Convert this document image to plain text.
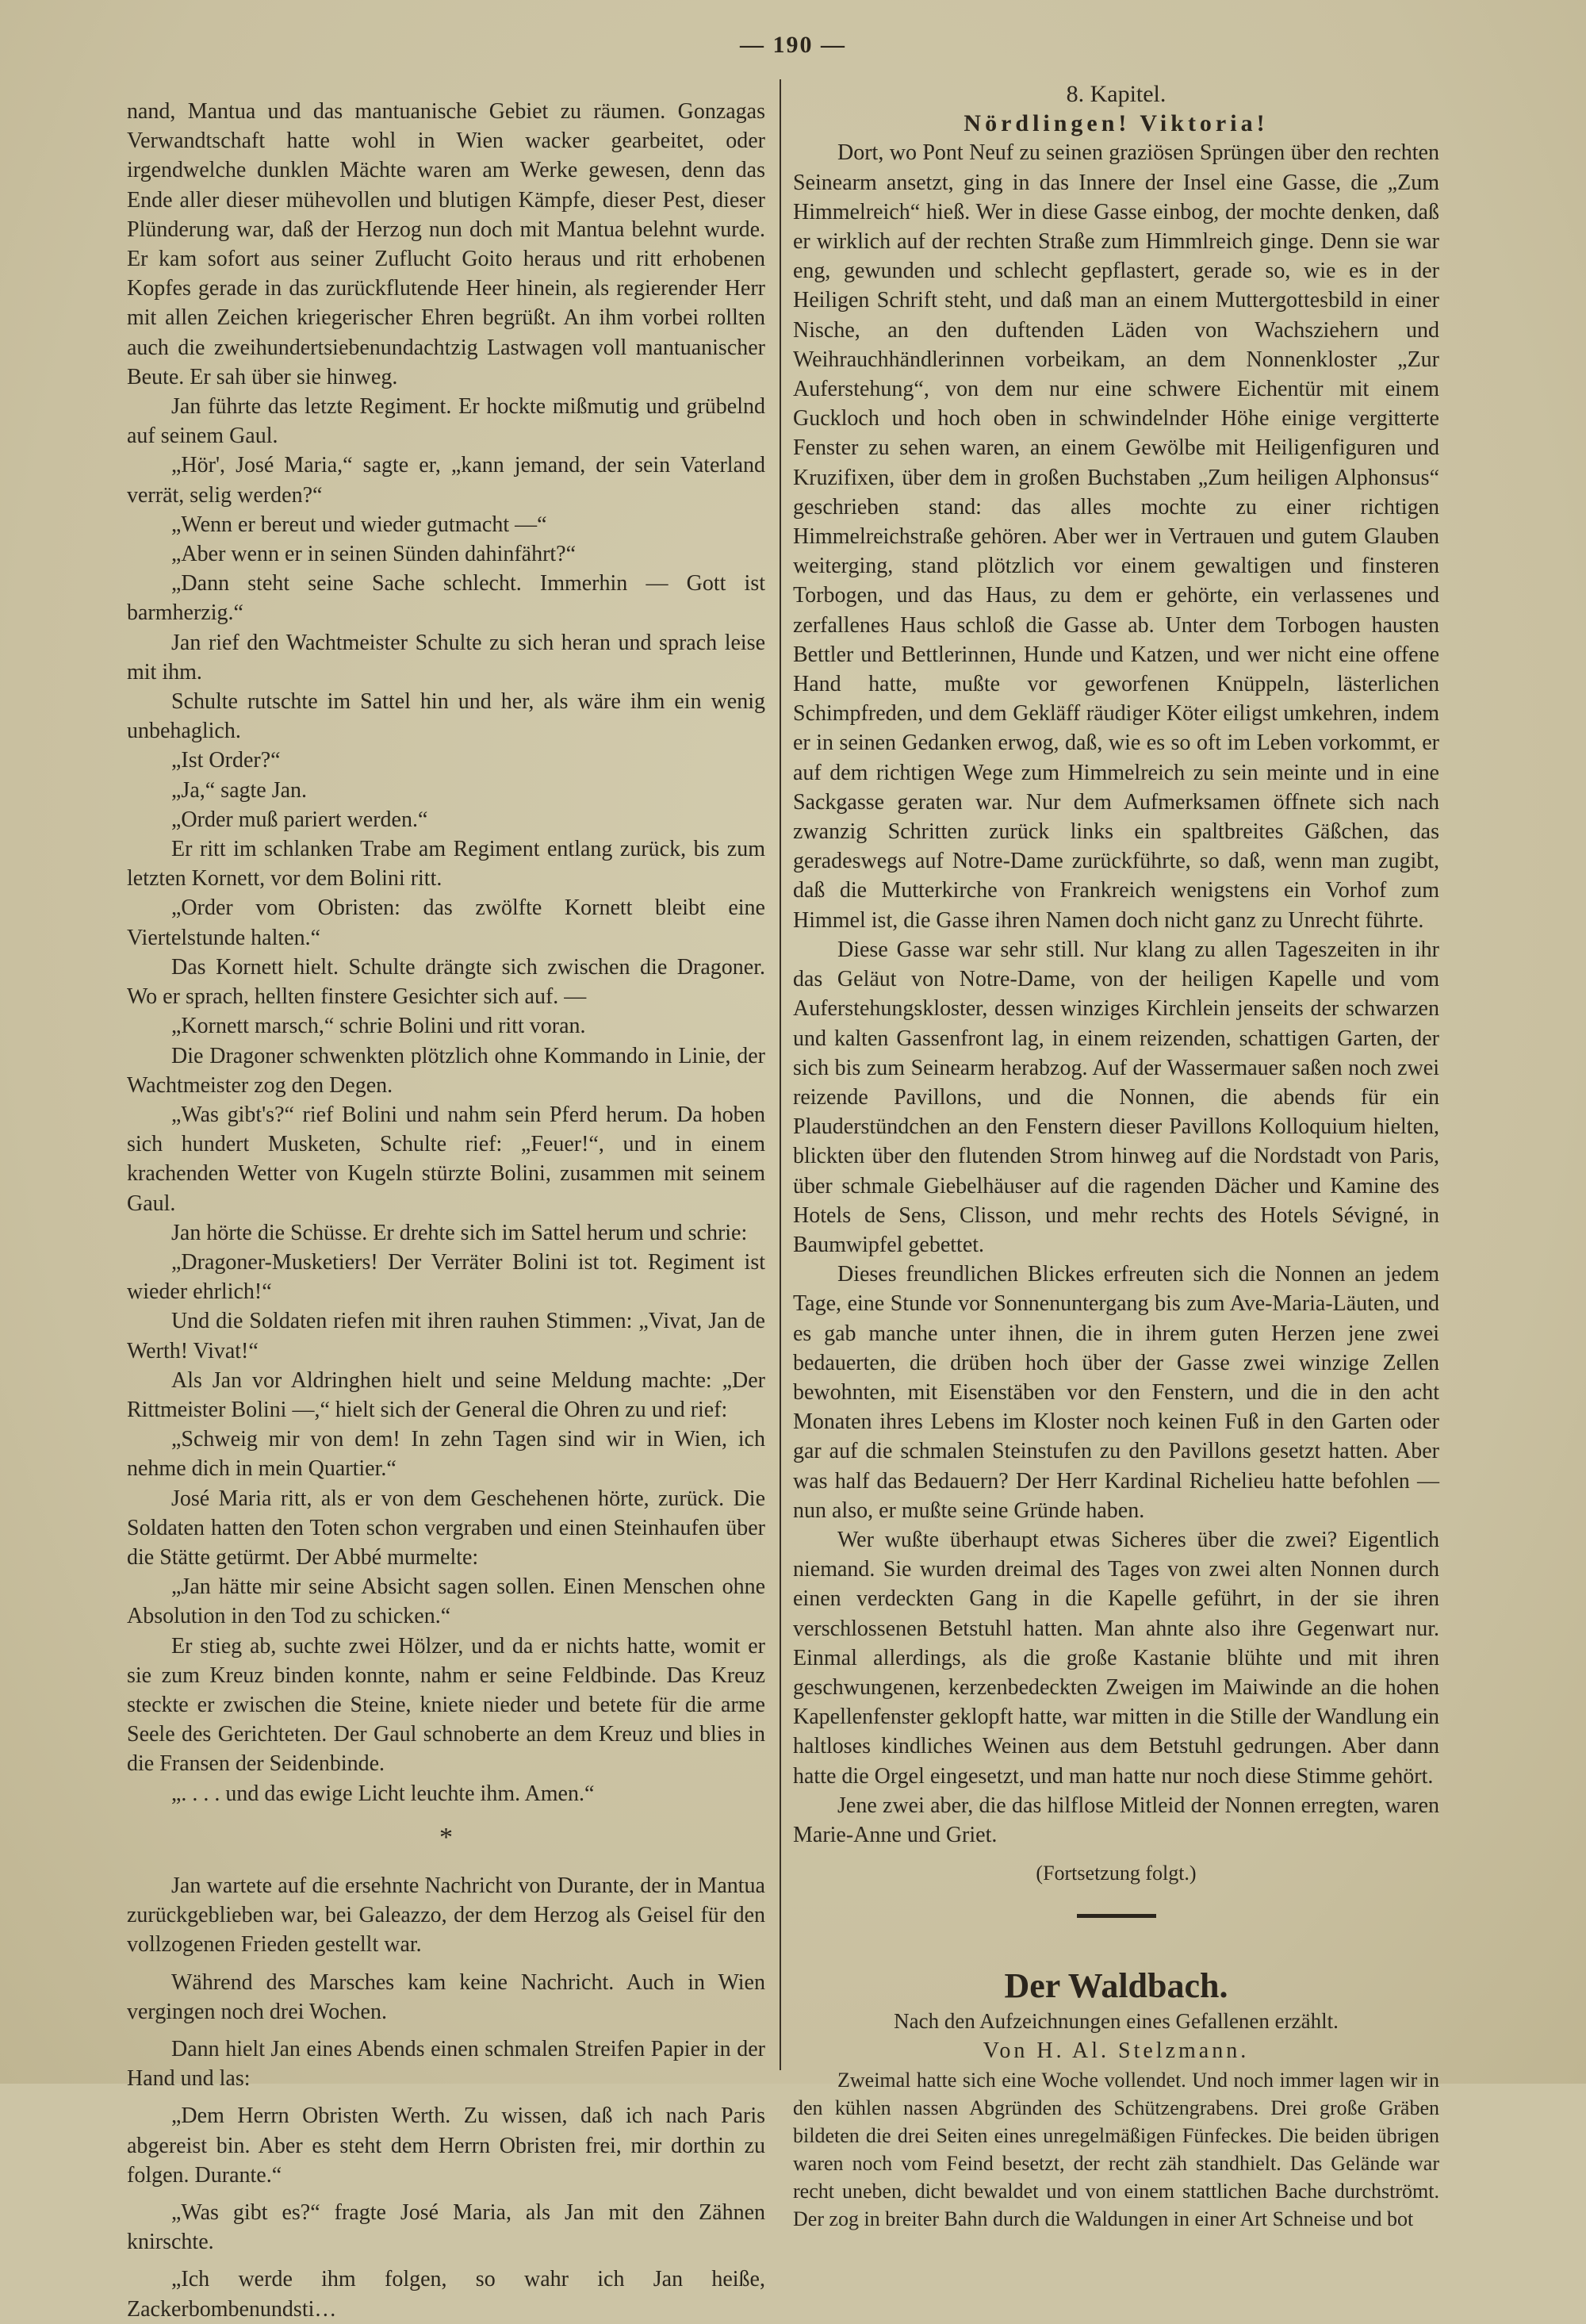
— 190 —

nand, Mantua und das mantuanische Gebiet zu räumen. Gonzagas Verwandtschaft hatte wohl in Wien wacker gearbeitet, oder irgendwelche dunklen Mächte waren am Werke gewesen, denn das Ende aller dieser mühevollen und blutigen Kämpfe, dieser Pest, dieser Plünderung war, daß der Herzog nun doch mit Mantua belehnt wurde. Er kam sofort aus seiner Zuflucht Goito heraus und ritt erhobenen Kopfes gerade in das zurückflutende Heer hinein, als regierender Herr mit allen Zeichen kriegerischer Ehren begrüßt. An ihm vorbei rollten auch die zweihundertsiebenundachtzig Lastwagen voll mantuanischer Beute. Er sah über sie hinweg.

Jan führte das letzte Regiment. Er hockte mißmutig und grübelnd auf seinem Gaul.

„Hör', José Maria,“ sagte er, „kann jemand, der sein Vaterland verrät, selig werden?“

„Wenn er bereut und wieder gutmacht —“

„Aber wenn er in seinen Sünden dahinfährt?“

„Dann steht seine Sache schlecht. Immerhin — Gott ist barmherzig.“

Jan rief den Wachtmeister Schulte zu sich heran und sprach leise mit ihm.

Schulte rutschte im Sattel hin und her, als wäre ihm ein wenig unbehaglich.

„Ist Order?“

„Ja,“ sagte Jan.

„Order muß pariert werden.“

Er ritt im schlanken Trabe am Regiment entlang zurück, bis zum letzten Kornett, vor dem Bolini ritt.

„Order vom Obristen: das zwölfte Kornett bleibt eine Viertelstunde halten.“

Das Kornett hielt. Schulte drängte sich zwischen die Dragoner. Wo er sprach, hellten finstere Gesichter sich auf. —

„Kornett marsch,“ schrie Bolini und ritt voran.

Die Dragoner schwenkten plötzlich ohne Kommando in Linie, der Wachtmeister zog den Degen.

„Was gibt's?“ rief Bolini und nahm sein Pferd herum. Da hoben sich hundert Musketen, Schulte rief: „Feuer!“, und in einem krachenden Wetter von Kugeln stürzte Bolini, zusammen mit seinem Gaul.

Jan hörte die Schüsse. Er drehte sich im Sattel herum und schrie:

„Dragoner-Musketiers! Der Verräter Bolini ist tot. Regiment ist wieder ehrlich!“

Und die Soldaten riefen mit ihren rauhen Stimmen: „Vivat, Jan de Werth! Vivat!“

Als Jan vor Aldringhen hielt und seine Meldung machte: „Der Rittmeister Bolini —,“ hielt sich der General die Ohren zu und rief:

„Schweig mir von dem! In zehn Tagen sind wir in Wien, ich nehme dich in mein Quartier.“

José Maria ritt, als er von dem Geschehenen hörte, zurück. Die Soldaten hatten den Toten schon vergraben und einen Steinhaufen über die Stätte getürmt. Der Abbé murmelte:

„Jan hätte mir seine Absicht sagen sollen. Einen Menschen ohne Absolution in den Tod zu schicken.“

Er stieg ab, suchte zwei Hölzer, und da er nichts hatte, womit er sie zum Kreuz binden konnte, nahm er seine Feldbinde. Das Kreuz steckte er zwischen die Steine, kniete nieder und betete für die arme Seele des Gerichteten. Der Gaul schnoberte an dem Kreuz und blies in die Fransen der Seidenbinde.

„. . . . und das ewige Licht leuchte ihm. Amen.“

*

Jan wartete auf die ersehnte Nachricht von Durante, der in Mantua zurückgeblieben war, bei Galeazzo, der dem Herzog als Geisel für den vollzogenen Frieden gestellt war.

Während des Marsches kam keine Nachricht. Auch in Wien vergingen noch drei Wochen.

Dann hielt Jan eines Abends einen schmalen Streifen Papier in der Hand und las:

„Dem Herrn Obristen Werth. Zu wissen, daß ich nach Paris abgereist bin. Aber es steht dem Herrn Obristen frei, mir dorthin zu folgen. Durante.“

„Was gibt es?“ fragte José Maria, als Jan mit den Zähnen knirschte.

„Ich werde ihm folgen, so wahr ich Jan heiße, Zackerbombenundsti…

8. Kapitel.
Nördlingen! Viktoria!

Dort, wo Pont Neuf zu seinen graziösen Sprüngen über den rechten Seinearm ansetzt, ging in das Innere der Insel eine Gasse, die „Zum Himmelreich“ hieß. Wer in diese Gasse einbog, der mochte denken, daß er wirklich auf der rechten Straße zum Himmlreich ginge. Denn sie war eng, gewunden und schlecht gepflastert, gerade so, wie es in der Heiligen Schrift steht, und daß man an einem Muttergottesbild in einer Nische, an den duftenden Läden von Wachsziehern und Weihrauchhändlerinnen vorbeikam, an dem Nonnenkloster „Zur Auferstehung“, von dem nur eine schwere Eichentür mit einem Guckloch und hoch oben in schwindelnder Höhe einige vergitterte Fenster zu sehen waren, an einem Gewölbe mit Heiligenfiguren und Kruzifixen, über dem in großen Buchstaben „Zum heiligen Alphonsus“ geschrieben stand: das alles mochte zu einer richtigen Himmelreichstraße gehören. Aber wer in Vertrauen und gutem Glauben weiterging, stand plötzlich vor einem gewaltigen und finsteren Torbogen, und das Haus, zu dem er gehörte, ein verlassenes und zerfallenes Haus schloß die Gasse ab. Unter dem Torbogen hausten Bettler und Bettlerinnen, Hunde und Katzen, und wer nicht eine offene Hand hatte, mußte vor geworfenen Knüppeln, lästerlichen Schimpfreden, und dem Gekläff räudiger Köter eiligst umkehren, indem er in seinen Gedanken erwog, daß, wie es so oft im Leben vorkommt, er auf dem richtigen Wege zum Himmelreich zu sein meinte und in eine Sackgasse geraten war. Nur dem Aufmerksamen öffnete sich nach zwanzig Schritten zurück links ein spaltbreites Gäßchen, das geradeswegs auf Notre-Dame zurückführte, so daß, wenn man zugibt, daß die Mutterkirche von Frankreich wenigstens ein Vorhof zum Himmel ist, die Gasse ihren Namen doch nicht ganz zu Unrecht führte.

Diese Gasse war sehr still. Nur klang zu allen Tageszeiten in ihr das Geläut von Notre-Dame, von der heiligen Kapelle und vom Auferstehungskloster, dessen winziges Kirchlein jenseits der schwarzen und kalten Gassenfront lag, in einem reizenden, schattigen Garten, der sich bis zum Seinearm herabzog. Auf der Wassermauer saßen noch zwei reizende Pavillons, und die Nonnen, die abends für ein Plauderstündchen an den Fenstern dieser Pavillons Kolloquium hielten, blickten über den flutenden Strom hinweg auf die Nordstadt von Paris, über schmale Giebelhäuser auf die ragenden Dächer und Kamine des Hotels de Sens, Clisson, und mehr rechts des Hotels Sévigné, in Baumwipfel gebettet.

Dieses freundlichen Blickes erfreuten sich die Nonnen an jedem Tage, eine Stunde vor Sonnenuntergang bis zum Ave-Maria-Läuten, und es gab manche unter ihnen, die in ihrem guten Herzen jene zwei bedauerten, die drüben hoch über der Gasse zwei winzige Zellen bewohnten, mit Eisenstäben vor den Fenstern, und die in den acht Monaten ihres Lebens im Kloster noch keinen Fuß in den Garten oder gar auf die schmalen Steinstufen zu den Pavillons gesetzt hatten. Aber was half das Bedauern? Der Herr Kardinal Richelieu hatte befohlen — nun also, er mußte seine Gründe haben.

Wer wußte überhaupt etwas Sicheres über die zwei? Eigentlich niemand. Sie wurden dreimal des Tages von zwei alten Nonnen durch einen verdeckten Gang in die Kapelle geführt, in der sie ihren verschlossenen Betstuhl hatten. Man ahnte also ihre Gegenwart nur. Einmal allerdings, als die große Kastanie blühte und mit ihren geschwungenen, kerzenbedeckten Zweigen im Maiwinde an die hohen Kapellenfenster geklopft hatte, war mitten in die Stille der Wandlung ein haltloses kindliches Weinen aus dem Betstuhl gedrungen. Aber dann hatte die Orgel eingesetzt, und man hatte nur noch diese Stimme gehört.

Jene zwei aber, die das hilflose Mitleid der Nonnen erregten, waren Marie-Anne und Griet.

(Fortsetzung folgt.)
Der Waldbach.
Nach den Aufzeichnungen eines Gefallenen erzählt.
Von H. Al. Stelzmann.

Zweimal hatte sich eine Woche vollendet. Und noch immer lagen wir in den kühlen nassen Abgründen des Schützengrabens. Drei große Gräben bildeten die drei Seiten eines unregelmäßigen Fünfeckes. Die beiden übrigen waren noch vom Feind besetzt, der recht zäh standhielt. Das Gelände war recht uneben, dicht bewaldet und von einem stattlichen Bache durchströmt. Der zog in breiter Bahn durch die Waldungen in einer Art Schneise und bot
